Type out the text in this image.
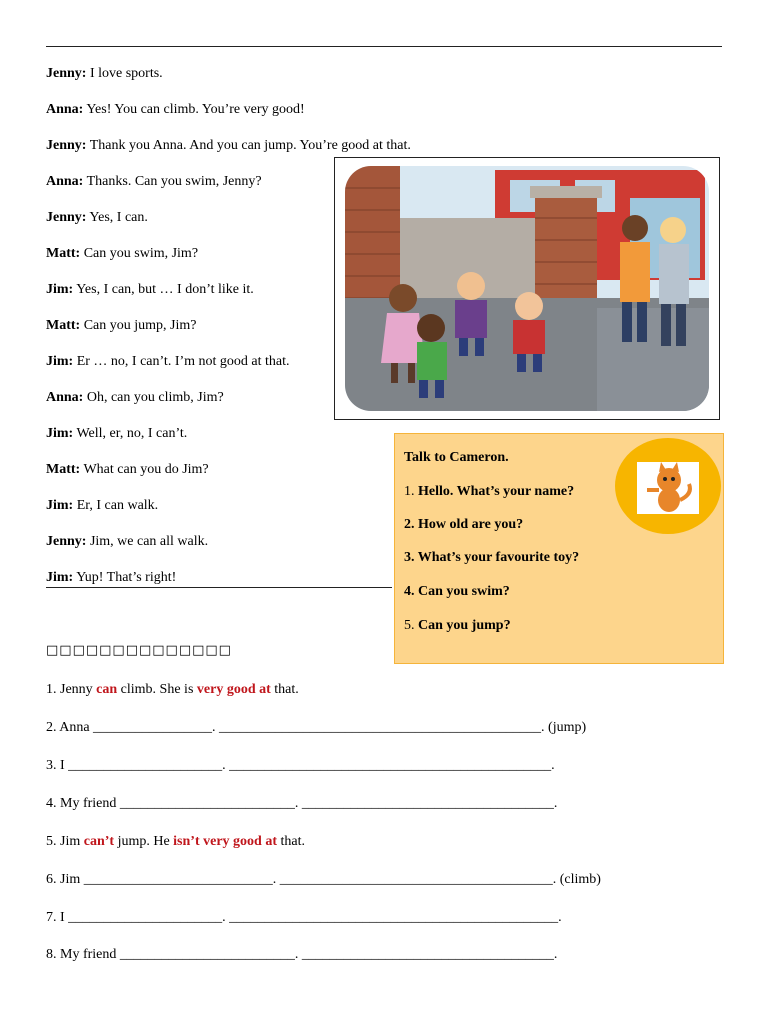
Jenny: I love sports.
Anna: Yes! You can climb. You’re very good!
Jenny: Thank you Anna. And you can jump. You’re good at that.
Anna: Thanks. Can you swim, Jenny?
Jenny: Yes, I can.
Matt: Can you swim, Jim?
Jim: Yes, I can, but … I don’t like it.
Matt: Can you jump, Jim?
Jim: Er … no, I can’t. I’m not good at that.
Anna: Oh, can you climb, Jim?
Jim: Well, er, no, I can’t.
Matt: What can you do Jim?
Jim: Er, I can walk.
Jenny: Jim, we can all walk.
Jim: Yup! That’s right!
Talk to Cameron.
1. Hello. What’s your name?
2. How old are you?
3. What’s your favourite toy?
4. Can you swim?
5. Can you jump?
□□□□□□□□□□□□□□
1. Jenny can climb. She is very good at that.
2. Anna _________________. ______________________________________________. (jump)
3. I ______________________. ______________________________________________.
4. My friend _________________________. ____________________________________.
5. Jim can’t jump. He isn’t very good at that.
6. Jim ___________________________. _______________________________________. (climb)
7. I ______________________. _______________________________________________.
8. My friend _________________________. ____________________________________.
